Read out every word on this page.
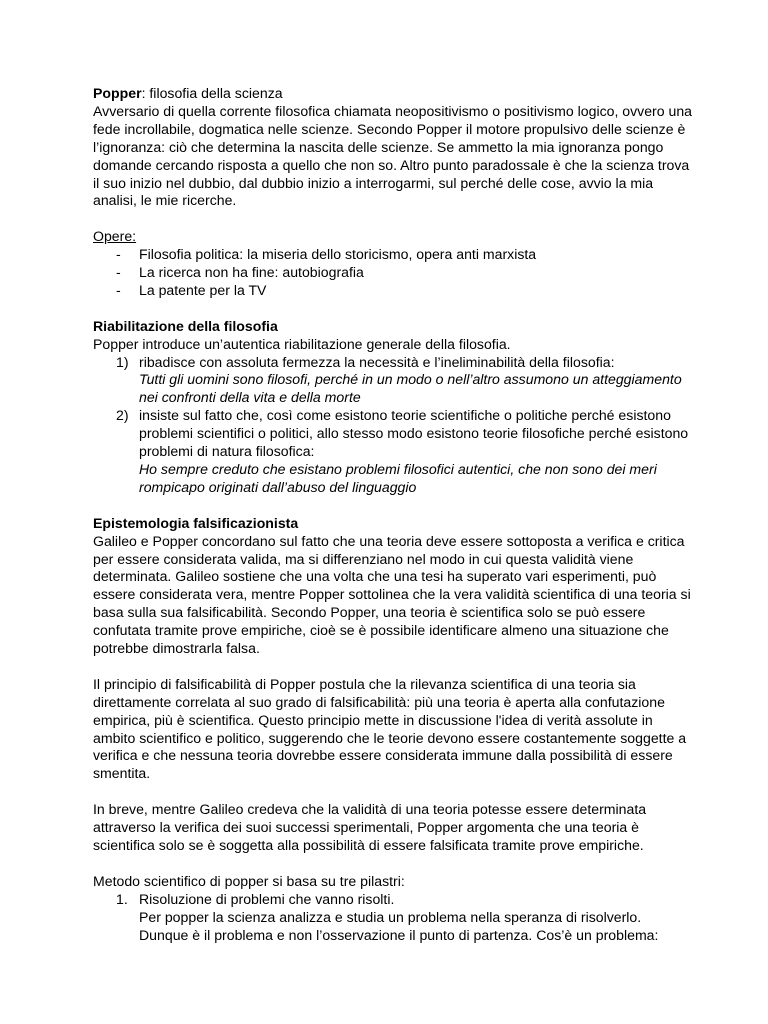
Popper: filosofia della scienza

Avversario di quella corrente filosofica chiamata neopositivismo o positivismo logico, ovvero una fede incrollabile, dogmatica nelle scienze. Secondo Popper il motore propulsivo delle scienze è l’ignoranza: ciò che determina la nascita delle scienze. Se ammetto la mia ignoranza pongo domande cercando risposta a quello che non so. Altro punto paradossale è che la scienza trova il suo inizio nel dubbio, dal dubbio inizio a interrogarmi, sul perché delle cose, avvio la mia analisi, le mie ricerche.

Opere:

- Filosofia politica: la miseria dello storicismo, opera anti marxista
- La ricerca non ha fine: autobiografia
- La patente per la TV

Riabilitazione della filosofia

Popper introduce un’autentica riabilitazione generale della filosofia.

1) ribadisce con assoluta fermezza la necessità e l’ineliminabilità della filosofia:
Tutti gli uomini sono filosofi, perché in un modo o nell’altro assumono un atteggiamento nei confronti della vita e della morte
2) insiste sul fatto che, così come esistono teorie scientifiche o politiche perché esistono problemi scientifici o politici, allo stesso modo esistono teorie filosofiche perché esistono problemi di natura filosofica:
Ho sempre creduto che esistano problemi filosofici autentici, che non sono dei meri rompicapo originati dall’abuso del linguaggio

Epistemologia falsificazionista

Galileo e Popper concordano sul fatto che una teoria deve essere sottoposta a verifica e critica per essere considerata valida, ma si differenziano nel modo in cui questa validità viene determinata. Galileo sostiene che una volta che una tesi ha superato vari esperimenti, può essere considerata vera, mentre Popper sottolinea che la vera validità scientifica di una teoria si basa sulla sua falsificabilità. Secondo Popper, una teoria è scientifica solo se può essere confutata tramite prove empiriche, cioè se è possibile identificare almeno una situazione che potrebbe dimostrarla falsa.

Il principio di falsificabilità di Popper postula che la rilevanza scientifica di una teoria sia direttamente correlata al suo grado di falsificabilità: più una teoria è aperta alla confutazione empirica, più è scientifica. Questo principio mette in discussione l'idea di verità assolute in ambito scientifico e politico, suggerendo che le teorie devono essere costantemente soggette a verifica e che nessuna teoria dovrebbe essere considerata immune dalla possibilità di essere smentita.

In breve, mentre Galileo credeva che la validità di una teoria potesse essere determinata attraverso la verifica dei suoi successi sperimentali, Popper argomenta che una teoria è scientifica solo se è soggetta alla possibilità di essere falsificata tramite prove empiriche.

Metodo scientifico di popper si basa su tre pilastri:

1. Risoluzione di problemi che vanno risolti.
Per popper la scienza analizza e studia un problema nella speranza di risolverlo. Dunque è il problema e non l’osservazione il punto di partenza. Cos’è un problema:
